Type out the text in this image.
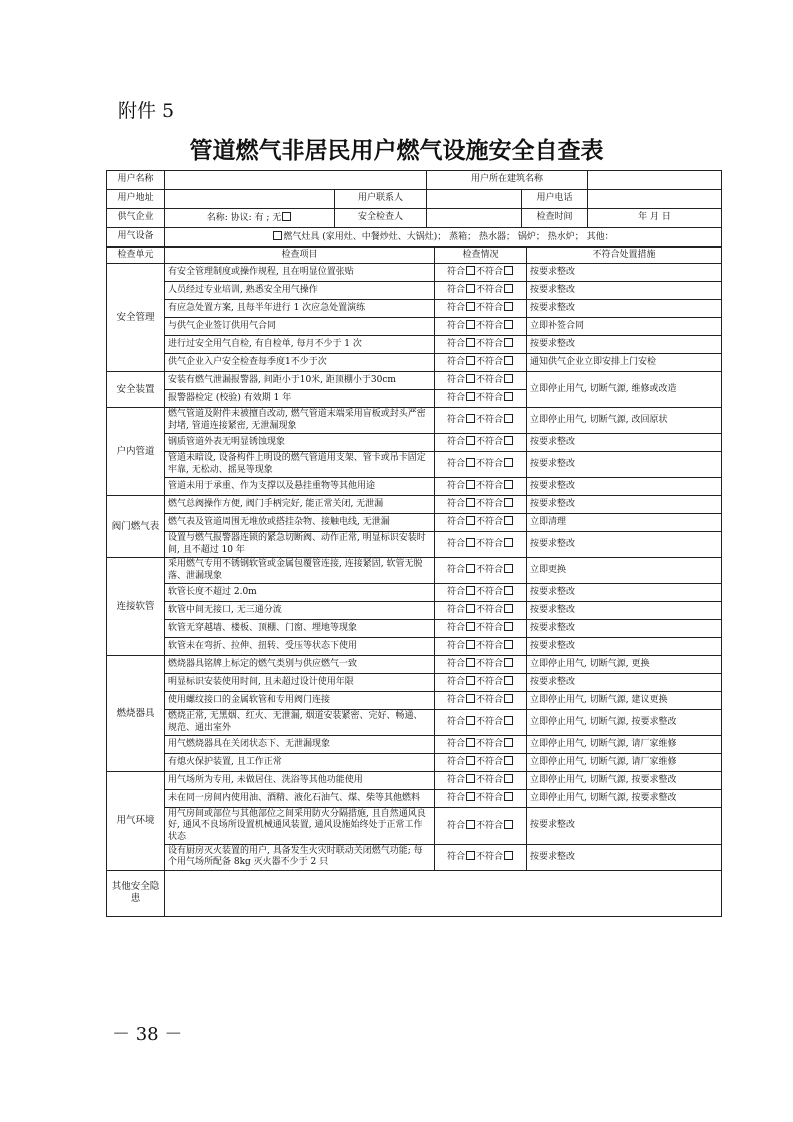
附件 5
管道燃气非居民用户燃气设施安全自查表
用户名称			用户所在建筑名称		
用户地址		用户联系人		用户电话	
供气企业	名称: 协议: 有 ; 无	安全检查人		检查时间	年 月 日
用气设备	燃气灶具 (家用灶、中餐炒灶、大锅灶)； 蒸箱； 热水器； 锅炉； 热水炉； 其他：				
检查单元	检查项目	检查情况	不符合处置措施
安全管理	有安全管理制度或操作规程, 且在明显位置张贴	符合 不符合	按要求整改
	人员经过专业培训, 熟悉安全用气操作	符合 不符合	按要求整改
	有应急处置方案, 且每半年进行 1 次应急处置演练	符合 不符合	按要求整改
	与供气企业签订供用气合同	符合 不符合	立即补签合同
	进行过安全用气自检, 有自检单, 每月不少于 1 次	符合 不符合	按要求整改
	供气企业入户安全检查每季度1不少于次	符合 不符合	通知供气企业立即安排上门安检
安全装置	安装有燃气泄漏报警器, 间距小于10米, 距顶棚小于30cm	符合 不符合	立即停止用气, 切断气源, 维修或改造
	报警器检定 (校验) 有效期 1 年	符合 不符合	
户内管道	燃气管道及附件未被擅自改动, 燃气管道末端采用盲板或封头严密封堵, 管道连接紧密, 无泄漏现象	符合 不符合	立即停止用气, 切断气源, 改回原状
	钢质管道外表无明显锈蚀现象	符合 不符合	按要求整改
	管道未暗设, 设备构件上明设的燃气管道用支架、管卡或吊卡固定牢靠, 无松动、摇晃等现象	符合 不符合	按要求整改
	管道未用于承重、作为支撑以及悬挂重物等其他用途	符合 不符合	按要求整改
阀门燃气表	燃气总阀操作方便, 阀门手柄完好, 能正常关闭, 无泄漏	符合 不符合	按要求整改
	燃气表及管道周围无堆放或搭挂杂物、接触电线, 无泄漏	符合 不符合	立即清理
	设置与燃气报警器连锁的紧急切断阀、动作正常, 明显标识安装时间, 且不超过 10 年	符合 不符合	按要求整改
连接软管	采用燃气专用不锈钢软管或金属包覆管连接, 连接紧固, 软管无脱落、泄漏现象	符合 不符合	立即更换
	软管长度不超过 2.0m	符合 不符合	按要求整改
	软管中间无接口, 无三通分流	符合 不符合	按要求整改
	软管无穿越墙、楼板、顶棚、门窗、埋地等现象	符合 不符合	按要求整改
	软管未在弯折、拉伸、扭转、受压等状态下使用	符合 不符合	按要求整改
燃烧器具	燃烧器具铭牌上标定的燃气类别与供应燃气一致	符合 不符合	立即停止用气, 切断气源, 更换
	明显标识安装使用时间, 且未超过设计使用年限	符合 不符合	按要求整改
	使用螺纹接口的金属软管和专用阀门连接	符合 不符合	立即停止用气, 切断气源, 建议更换
	燃烧正常, 无黑烟、红火、无泄漏, 烟道安装紧密、完好、畅通、规范、通出室外	符合 不符合	立即停止用气, 切断气源, 按要求整改
	用气燃烧器具在关闭状态下、无泄漏现象	符合 不符合	立即停止用气, 切断气源, 请厂家维修
	有熄火保护装置, 且工作正常	符合 不符合	立即停止用气, 切断气源, 请厂家维修
用气环境	用气场所为专用, 未做居住、洗浴等其他功能使用	符合 不符合	立即停止用气, 切断气源, 按要求整改
	未在同一房间内使用油、酒精、液化石油气、煤、柴等其他燃料	符合 不符合	立即停止用气, 切断气源, 按要求整改
	用气房间或部位与其他部位之间采用防火分隔措施, 且自然通风良好, 通风不良场所设置机械通风装置, 通风设施始终处于正常工作状态	符合 不符合	按要求整改
	设有厨房灭火装置的用户, 具备发生火灾时联动关闭燃气功能; 每个用气场所配备 8kg 灭火器不少于 2 只	符合 不符合	按要求整改
其他安全隐患			
－ 38 －
